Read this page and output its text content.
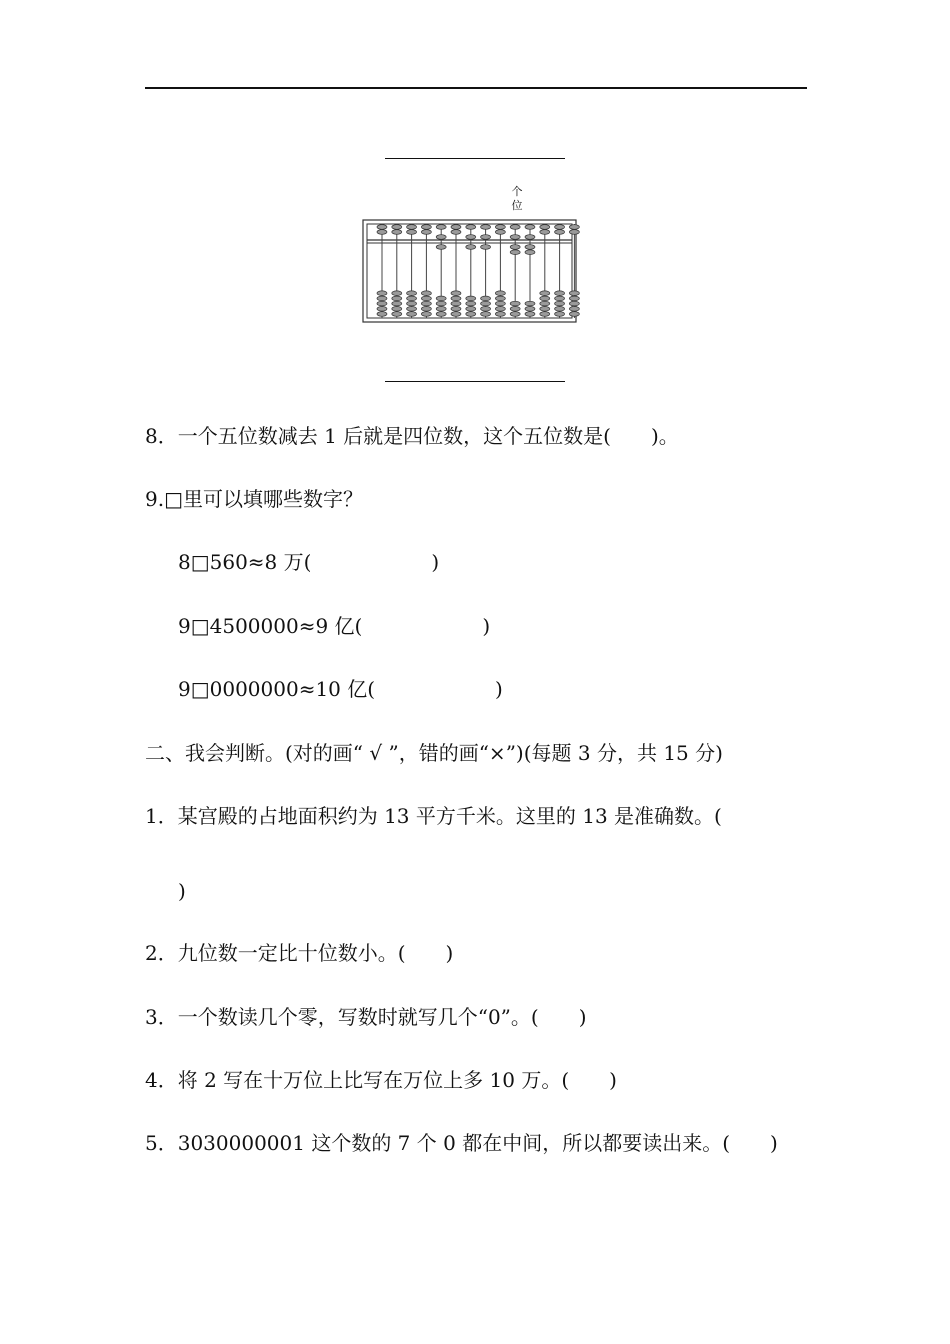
个
位
8．一个五位数减去 1 后就是四位数，这个五位数是(　　)。
9.□里可以填哪些数字？
8□560≈8 万(　　　　　　)
9□4500000≈9 亿(　　　　　　)
9□0000000≈10 亿(　　　　　　)
二、我会判断。(对的画“ √ ”，错的画“×”)(每题 3 分，共 15 分)
1．某宫殿的占地面积约为 13 平方千米。这里的 13 是准确数。(
)
2．九位数一定比十位数小。(　　)
3．一个数读几个零，写数时就写几个“0”。(　　)
4．将 2 写在十万位上比写在万位上多 10 万。(　　)
5．3030000001 这个数的 7 个 0 都在中间，所以都要读出来。(　　)
